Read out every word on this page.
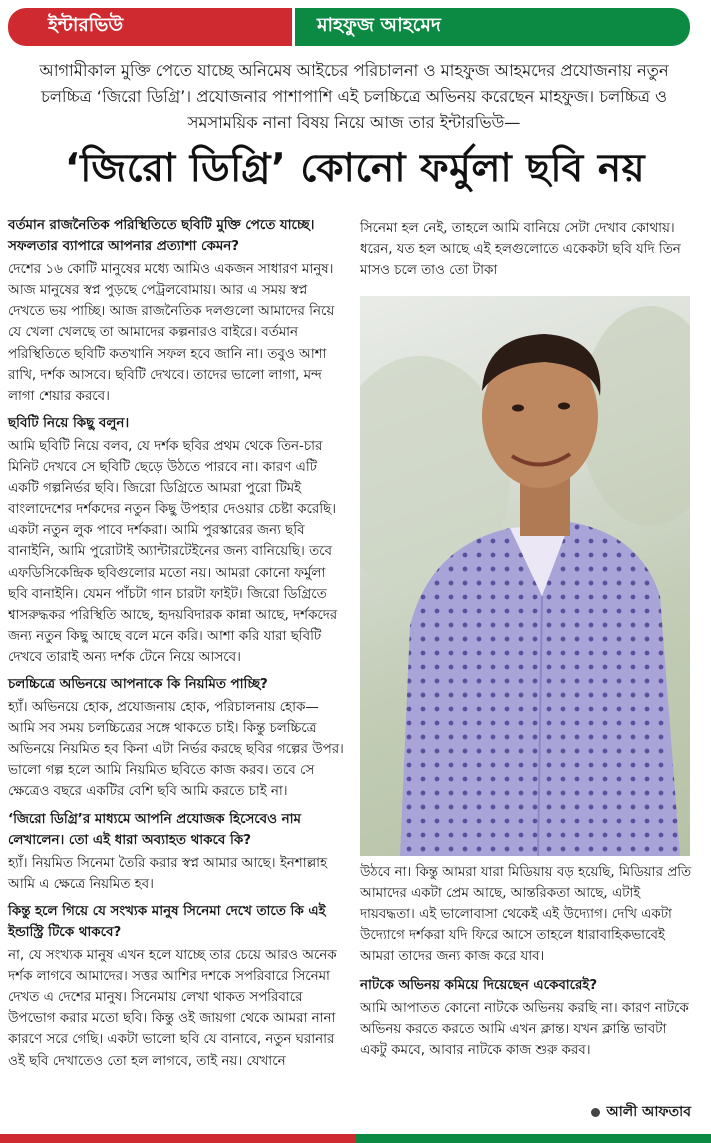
ইন্টারভিউ	মাহফুজ আহমেদ
আগামীকাল মুক্তি পেতে যাচ্ছে অনিমেষ আইচের পরিচালনা ও মাহফুজ আহমদের প্রযোজনায় নতুন চলচ্চিত্র ‘জিরো ডিগ্রি’। প্রযোজনার পাশাপাশি এই চলচ্চিত্রে অভিনয় করেছেন মাহফুজ। চলচ্চিত্র ও সমসাময়িক নানা বিষয় নিয়ে আজ তার ইন্টারভিউ—
‘জিরো ডিগ্রি’ কোনো ফর্মুলা ছবি নয়

বর্তমান রাজনৈতিক পরিস্থিতিতে ছবিটি মুক্তি পেতে যাচ্ছে। সফলতার ব্যাপারে আপনার প্রত্যাশা কেমন?

দেশের ১৬ কোটি মানুষের মধ্যে আমিও একজন সাধারণ মানুষ। আজ মানুষের স্বপ্ন পুড়ছে পেট্রলবোমায়। আর এ সময় স্বপ্ন দেখতে ভয় পাচ্ছি। আজ রাজনৈতিক দলগুলো আমাদের নিয়ে যে খেলা খেলছে তা আমাদের কল্পনারও বাইরে। বর্তমান পরিস্থিতিতে ছবিটি কতখানি সফল হবে জানি না। তবুও আশা রাখি, দর্শক আসবে। ছবিটি দেখবে। তাদের ভালো লাগা, মন্দ লাগা শেয়ার করবে।

ছবিটি নিয়ে কিছু বলুন।

আমি ছবিটি নিয়ে বলব, যে দর্শক ছবির প্রথম থেকে তিন-চার মিনিট দেখবে সে ছবিটি ছেড়ে উঠতে পারবে না। কারণ এটি একটি গল্পনির্ভর ছবি। জিরো ডিগ্রিতে আমরা পুরো টিমই বাংলাদেশের দর্শকদের নতুন কিছু উপহার দেওয়ার চেষ্টা করেছি। একটা নতুন লুক পাবে দর্শকরা। আমি পুরস্কারের জন্য ছবি বানাইনি, আমি পুরোটাই অ্যান্টারটেইনের জন্য বানিয়েছি। তবে এফডিসিকেন্দ্রিক ছবিগুলোর মতো নয়। আমরা কোনো ফর্মুলা ছবি বানাইনি। যেমন পাঁচটা গান চারটা ফাইট। জিরো ডিগ্রিতে শ্বাসরুদ্ধকর পরিস্থিতি আছে, হৃদয়বিদারক কান্না আছে, দর্শকদের জন্য নতুন কিছু আছে বলে মনে করি। আশা করি যারা ছবিটি দেখবে তারাই অন্য দর্শক টেনে নিয়ে আসবে।

চলচ্চিত্রে অভিনয়ে আপনাকে কি নিয়মিত পাচ্ছি?

হ্যাঁ। অভিনয়ে হোক, প্রযোজনায় হোক, পরিচালনায় হোক— আমি সব সময় চলচ্চিত্রের সঙ্গে থাকতে চাই। কিন্তু চলচ্চিত্রে অভিনয়ে নিয়মিত হব কিনা এটা নির্ভর করছে ছবির গল্পের উপর। ভালো গল্প হলে আমি নিয়মিত ছবিতে কাজ করব। তবে সে ক্ষেত্রেও বছরে একটির বেশি ছবি আমি করতে চাই না।

‘জিরো ডিগ্রি’র মাধ্যমে আপনি প্রযোজক হিসেবেও নাম লেখালেন। তো এই ধারা অব্যাহত থাকবে কি?

হ্যাঁ। নিয়মিত সিনেমা তৈরি করার স্বপ্ন আমার আছে। ইনশাল্লাহ আমি এ ক্ষেত্রে নিয়মিত হব।

কিন্তু হলে গিয়ে যে সংখ্যক মানুষ সিনেমা দেখে তাতে কি এই ইন্ডাস্ট্রি টিকে থাকবে?

না, যে সংখ্যক মানুষ এখন হলে যাচ্ছে তার চেয়ে আরও অনেক দর্শক লাগবে আমাদের। সত্তর আশির দশকে সপরিবারে সিনেমা দেখত এ দেশের মানুষ। সিনেমায় লেখা থাকত সপরিবারে উপভোগ করার মতো ছবি। কিন্তু ওই জায়গা থেকে আমরা নানা কারণে সরে গেছি। একটা ভালো ছবি যে বানাবে, নতুন ঘরানার ওই ছবি দেখাতেও তো হল লাগবে, তাই নয়। যেখানে

সিনেমা হল নেই, তাহলে আমি বানিয়ে সেটা দেখাব কোথায়। ধরেন, যত হল আছে এই হলগুলোতে একেকটা ছবি যদি তিন মাসও চলে তাও তো টাকা

উঠবে না। কিন্তু আমরা যারা মিডিয়ায় বড় হয়েছি, মিডিয়ার প্রতি আমাদের একটা প্রেম আছে, আন্তরিকতা আছে, এটাই দায়বদ্ধতা। এই ভালোবাসা থেকেই এই উদ্যোগ। দেখি একটা উদ্যোগে দর্শকরা যদি ফিরে আসে তাহলে ধারাবাহিকভাবেই আমরা তাদের জন্য কাজ করে যাব।

নাটকে অভিনয় কমিয়ে দিয়েছেন একেবারেই?

আমি আপাতত কোনো নাটকে অভিনয় করছি না। কারণ নাটকে অভিনয় করতে করতে আমি এখন ক্লান্ত। যখন ক্লান্তি ভাবটা একটু কমবে, আবার নাটকে কাজ শুরু করব।

আলী আফতাব
